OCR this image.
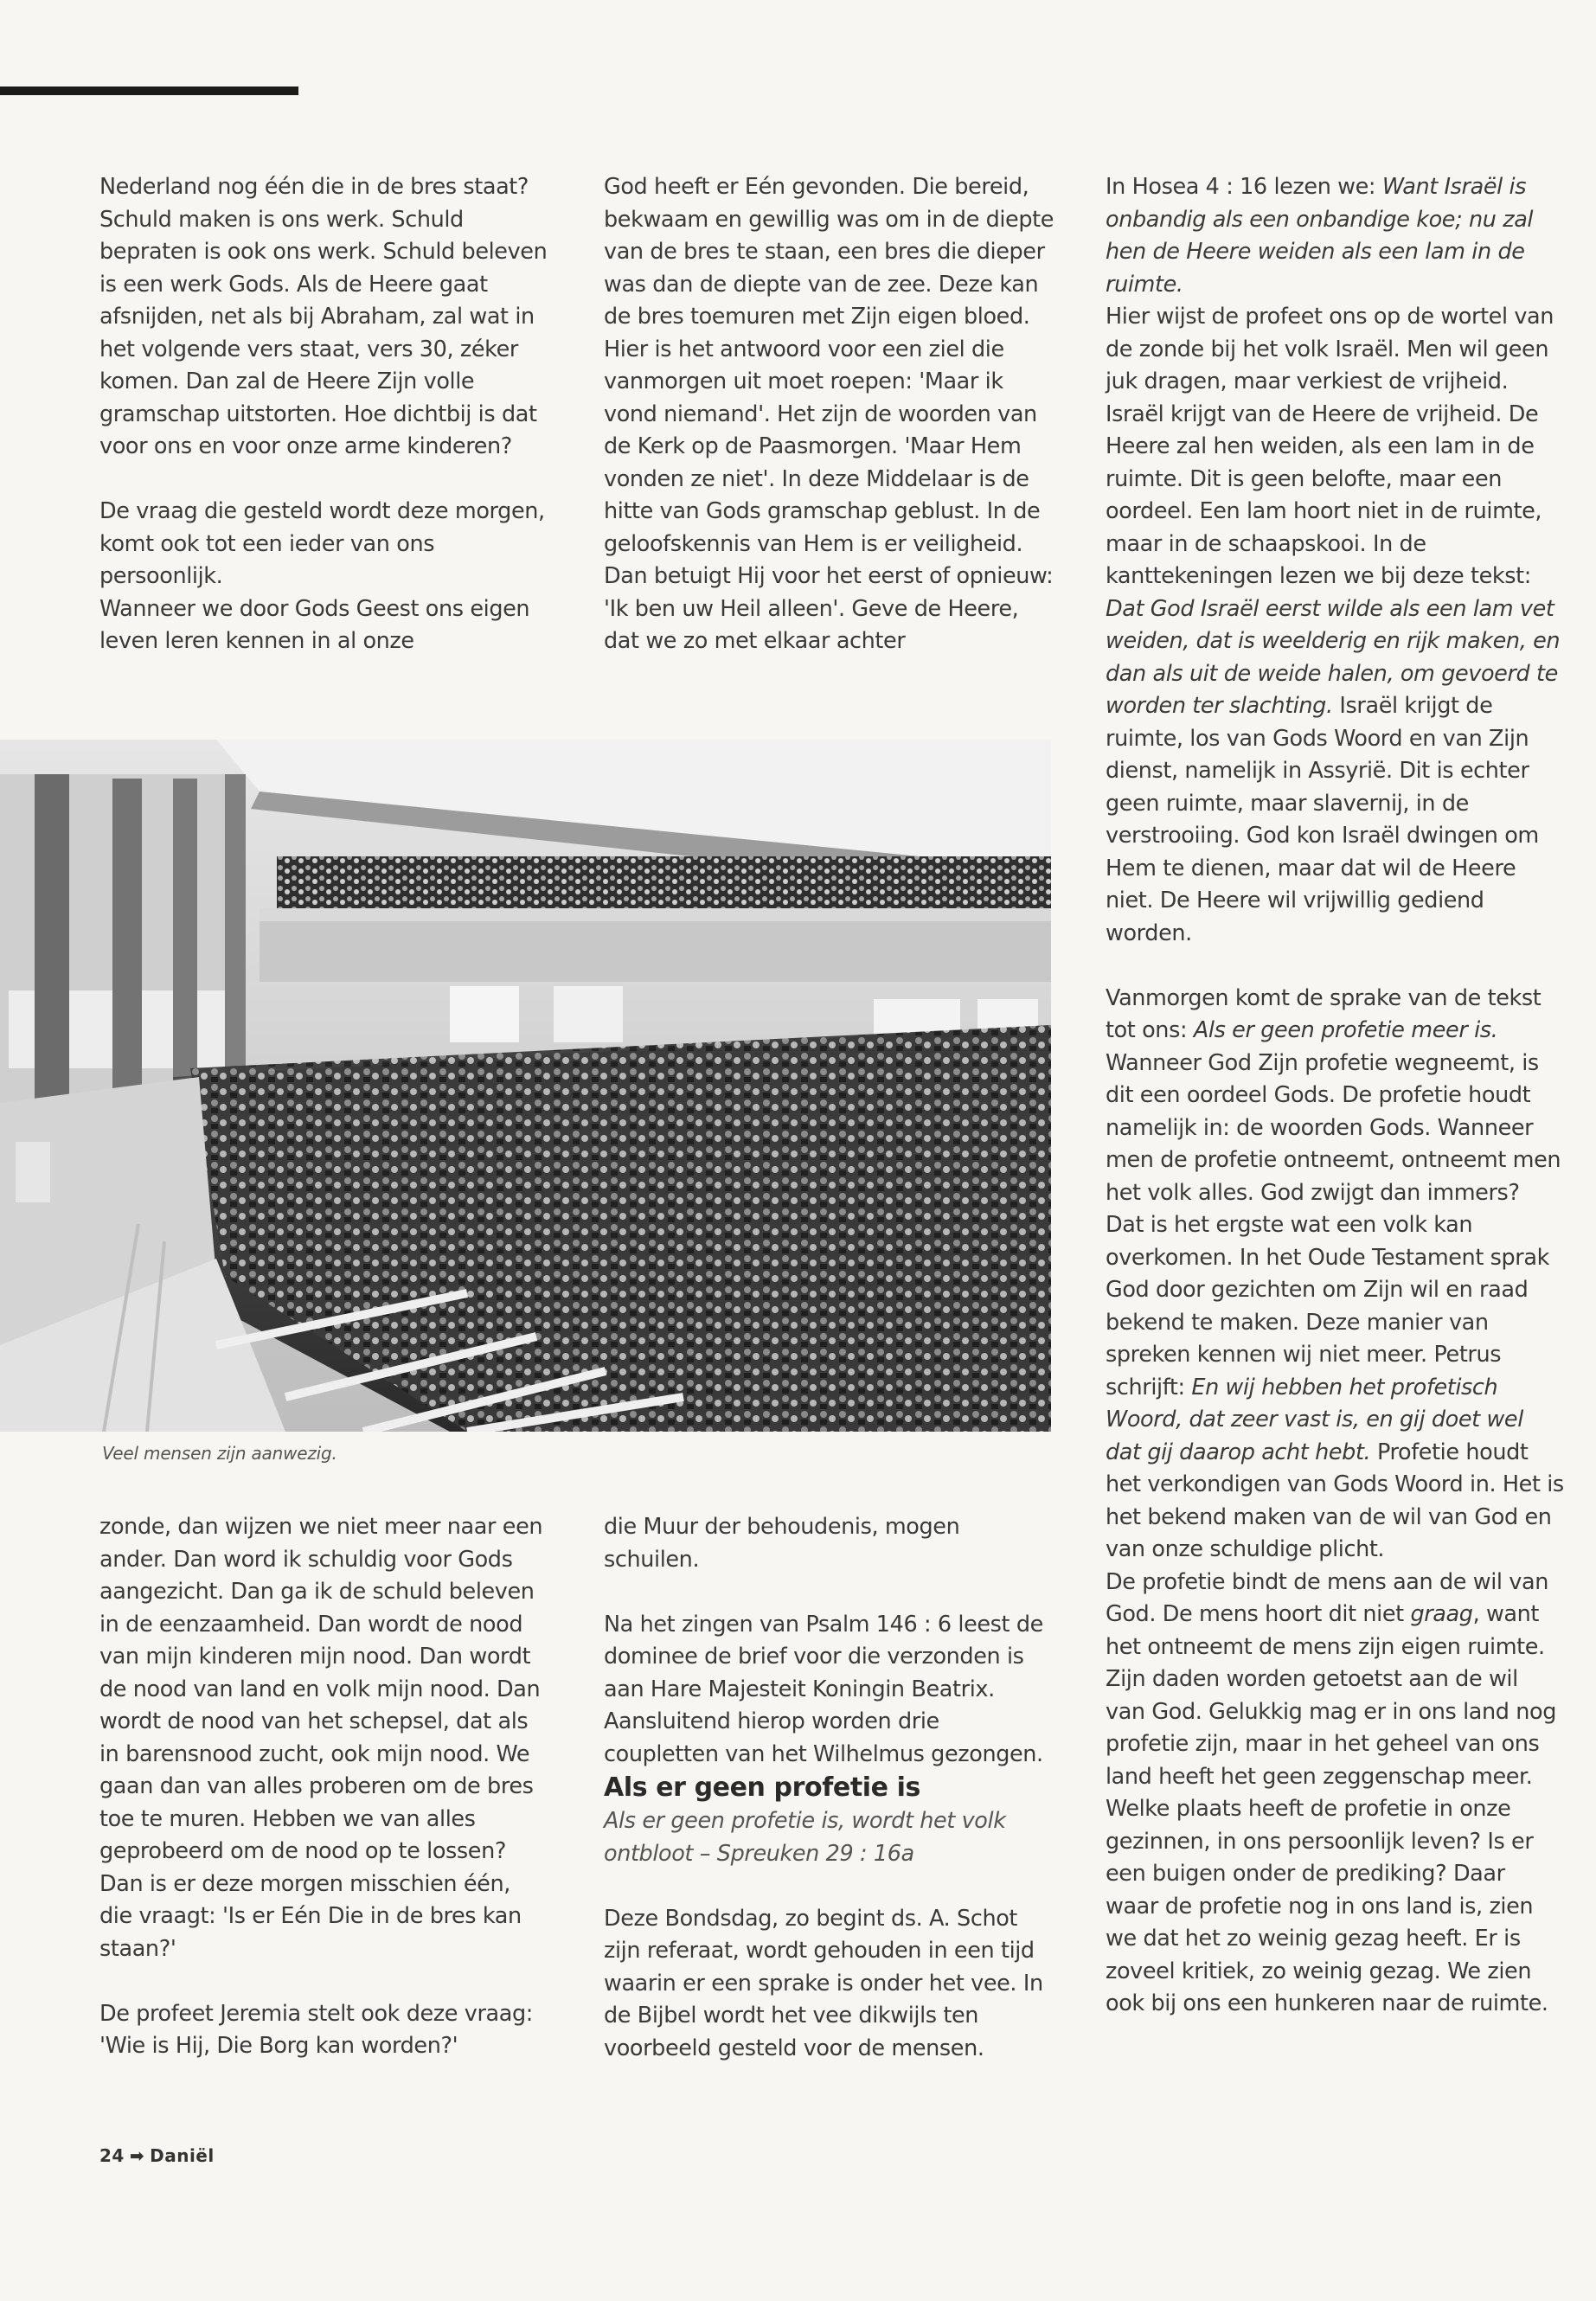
Nederland nog één die in de bres staat? Schuld maken is ons werk. Schuld bepraten is ook ons werk. Schuld beleven is een werk Gods. Als de Heere gaat afsnijden, net als bij Abraham, zal wat in het volgende vers staat, vers 30, zéker komen. Dan zal de Heere Zijn volle gramschap uitstorten. Hoe dichtbij is dat voor ons en voor onze arme kinderen?

De vraag die gesteld wordt deze morgen, komt ook tot een ieder van ons persoonlijk.

Wanneer we door Gods Geest ons eigen leven leren kennen in al onze

God heeft er Eén gevonden. Die bereid, bekwaam en gewillig was om in de diepte van de bres te staan, een bres die dieper was dan de diepte van de zee. Deze kan de bres toemuren met Zijn eigen bloed. Hier is het antwoord voor een ziel die vanmorgen uit moet roepen: 'Maar ik vond niemand'. Het zijn de woorden van de Kerk op de Paasmorgen. 'Maar Hem vonden ze niet'. In deze Middelaar is de hitte van Gods gramschap geblust. In de geloofskennis van Hem is er veiligheid. Dan betuigt Hij voor het eerst of opnieuw: 'Ik ben uw Heil alleen'. Geve de Heere, dat we zo met elkaar achter

In Hosea 4 : 16 lezen we: Want Israël is onbandig als een onbandige koe; nu zal hen de Heere weiden als een lam in de ruimte.

Hier wijst de profeet ons op de wortel van de zonde bij het volk Israël. Men wil geen juk dragen, maar verkiest de vrijheid. Israël krijgt van de Heere de vrijheid. De Heere zal hen weiden, als een lam in de ruimte. Dit is geen belofte, maar een oordeel. Een lam hoort niet in de ruimte, maar in de schaapskooi. In de kanttekeningen lezen we bij deze tekst: Dat God Israël eerst wilde als een lam vet weiden, dat is weelderig en rijk maken, en dan als uit de weide halen, om gevoerd te worden ter slachting. Israël krijgt de ruimte, los van Gods Woord en van Zijn dienst, namelijk in Assyrië. Dit is echter geen ruimte, maar slavernij, in de verstrooiing. God kon Israël dwingen om Hem te dienen, maar dat wil de Heere niet. De Heere wil vrijwillig gediend worden.

Vanmorgen komt de sprake van de tekst tot ons: Als er geen profetie meer is. Wanneer God Zijn profetie wegneemt, is dit een oordeel Gods. De profetie houdt namelijk in: de woorden Gods. Wanneer men de profetie ontneemt, ontneemt men het volk alles. God zwijgt dan immers? Dat is het ergste wat een volk kan overkomen. In het Oude Testament sprak God door gezichten om Zijn wil en raad bekend te maken. Deze manier van spreken kennen wij niet meer. Petrus schrijft: En wij hebben het profetisch Woord, dat zeer vast is, en gij doet wel dat gij daarop acht hebt. Profetie houdt het verkondigen van Gods Woord in. Het is het bekend maken van de wil van God en van onze schuldige plicht.

De profetie bindt de mens aan de wil van God. De mens hoort dit niet graag, want het ontneemt de mens zijn eigen ruimte. Zijn daden worden getoetst aan de wil van God. Gelukkig mag er in ons land nog profetie zijn, maar in het geheel van ons land heeft het geen zeggenschap meer. Welke plaats heeft de profetie in onze gezinnen, in ons persoonlijk leven? Is er een buigen onder de prediking? Daar waar de profetie nog in ons land is, zien we dat het zo weinig gezag heeft. Er is zoveel kritiek, zo weinig gezag. We zien ook bij ons een hunkeren naar de ruimte.

Veel mensen zijn aanwezig.

zonde, dan wijzen we niet meer naar een ander. Dan word ik schuldig voor Gods aangezicht. Dan ga ik de schuld beleven in de eenzaamheid. Dan wordt de nood van mijn kinderen mijn nood. Dan wordt de nood van land en volk mijn nood. Dan wordt de nood van het schepsel, dat als in barensnood zucht, ook mijn nood. We gaan dan van alles proberen om de bres toe te muren. Hebben we van alles geprobeerd om de nood op te lossen? Dan is er deze morgen misschien één, die vraagt: 'Is er Eén Die in de bres kan staan?'

De profeet Jeremia stelt ook deze vraag: 'Wie is Hij, Die Borg kan worden?'

die Muur der behoudenis, mogen schuilen.

Na het zingen van Psalm 146 : 6 leest de dominee de brief voor die verzonden is aan Hare Majesteit Koningin Beatrix. Aansluitend hierop worden drie coupletten van het Wilhelmus gezongen.

Als er geen profetie is

Als er geen profetie is, wordt het volk ontbloot – Spreuken 29 : 16a

Deze Bondsdag, zo begint ds. A. Schot zijn referaat, wordt gehouden in een tijd waarin er een sprake is onder het vee. In de Bijbel wordt het vee dikwijls ten voorbeeld gesteld voor de mensen.

24 ➡ Daniël
